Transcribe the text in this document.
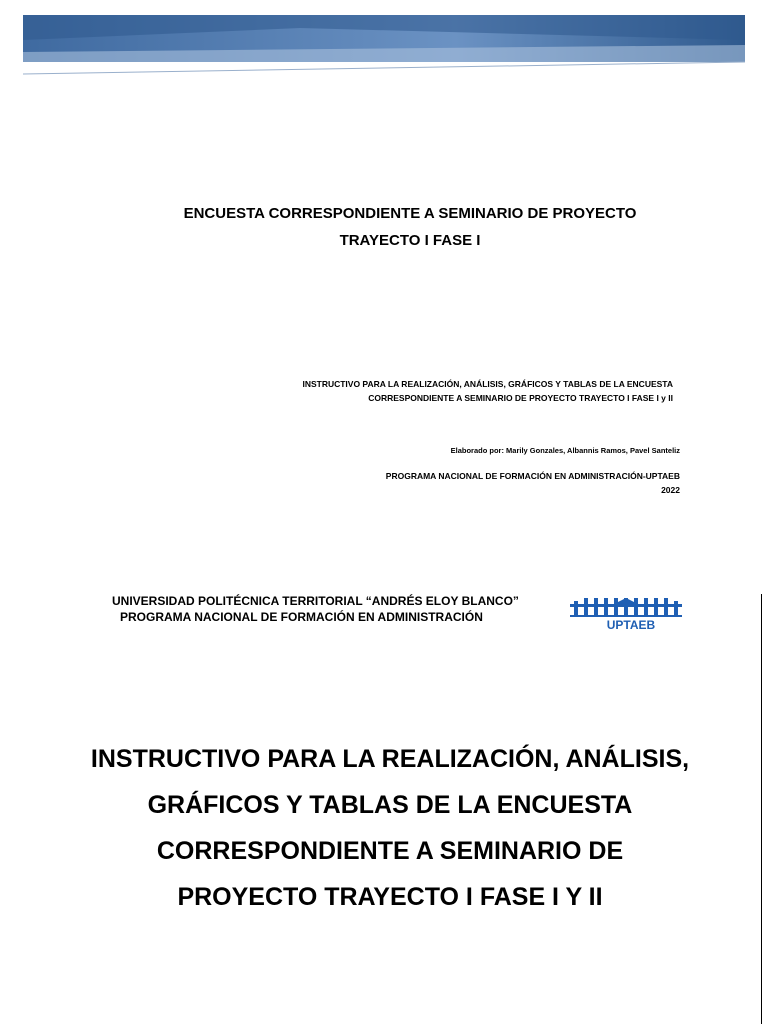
ENCUESTA CORRESPONDIENTE A SEMINARIO DE PROYECTO
TRAYECTO I FASE I
INSTRUCTIVO PARA LA REALIZACIÓN, ANÁLISIS, GRÁFICOS Y TABLAS DE LA ENCUESTA
CORRESPONDIENTE A SEMINARIO DE PROYECTO TRAYECTO I FASE I y II
Elaborado por: Marily Gonzales, Albannis Ramos, Pavel Santeliz
PROGRAMA NACIONAL DE FORMACIÓN EN ADMINISTRACIÓN-UPTAEB
2022
UNIVERSIDAD POLITÉCNICA TERRITORIAL “ANDRÉS ELOY BLANCO”
PROGRAMA NACIONAL DE FORMACIÓN EN ADMINISTRACIÓN
UPTAEB
INSTRUCTIVO PARA LA REALIZACIÓN, ANÁLISIS,
GRÁFICOS Y TABLAS DE LA ENCUESTA
CORRESPONDIENTE A SEMINARIO DE
PROYECTO TRAYECTO I FASE I Y II
